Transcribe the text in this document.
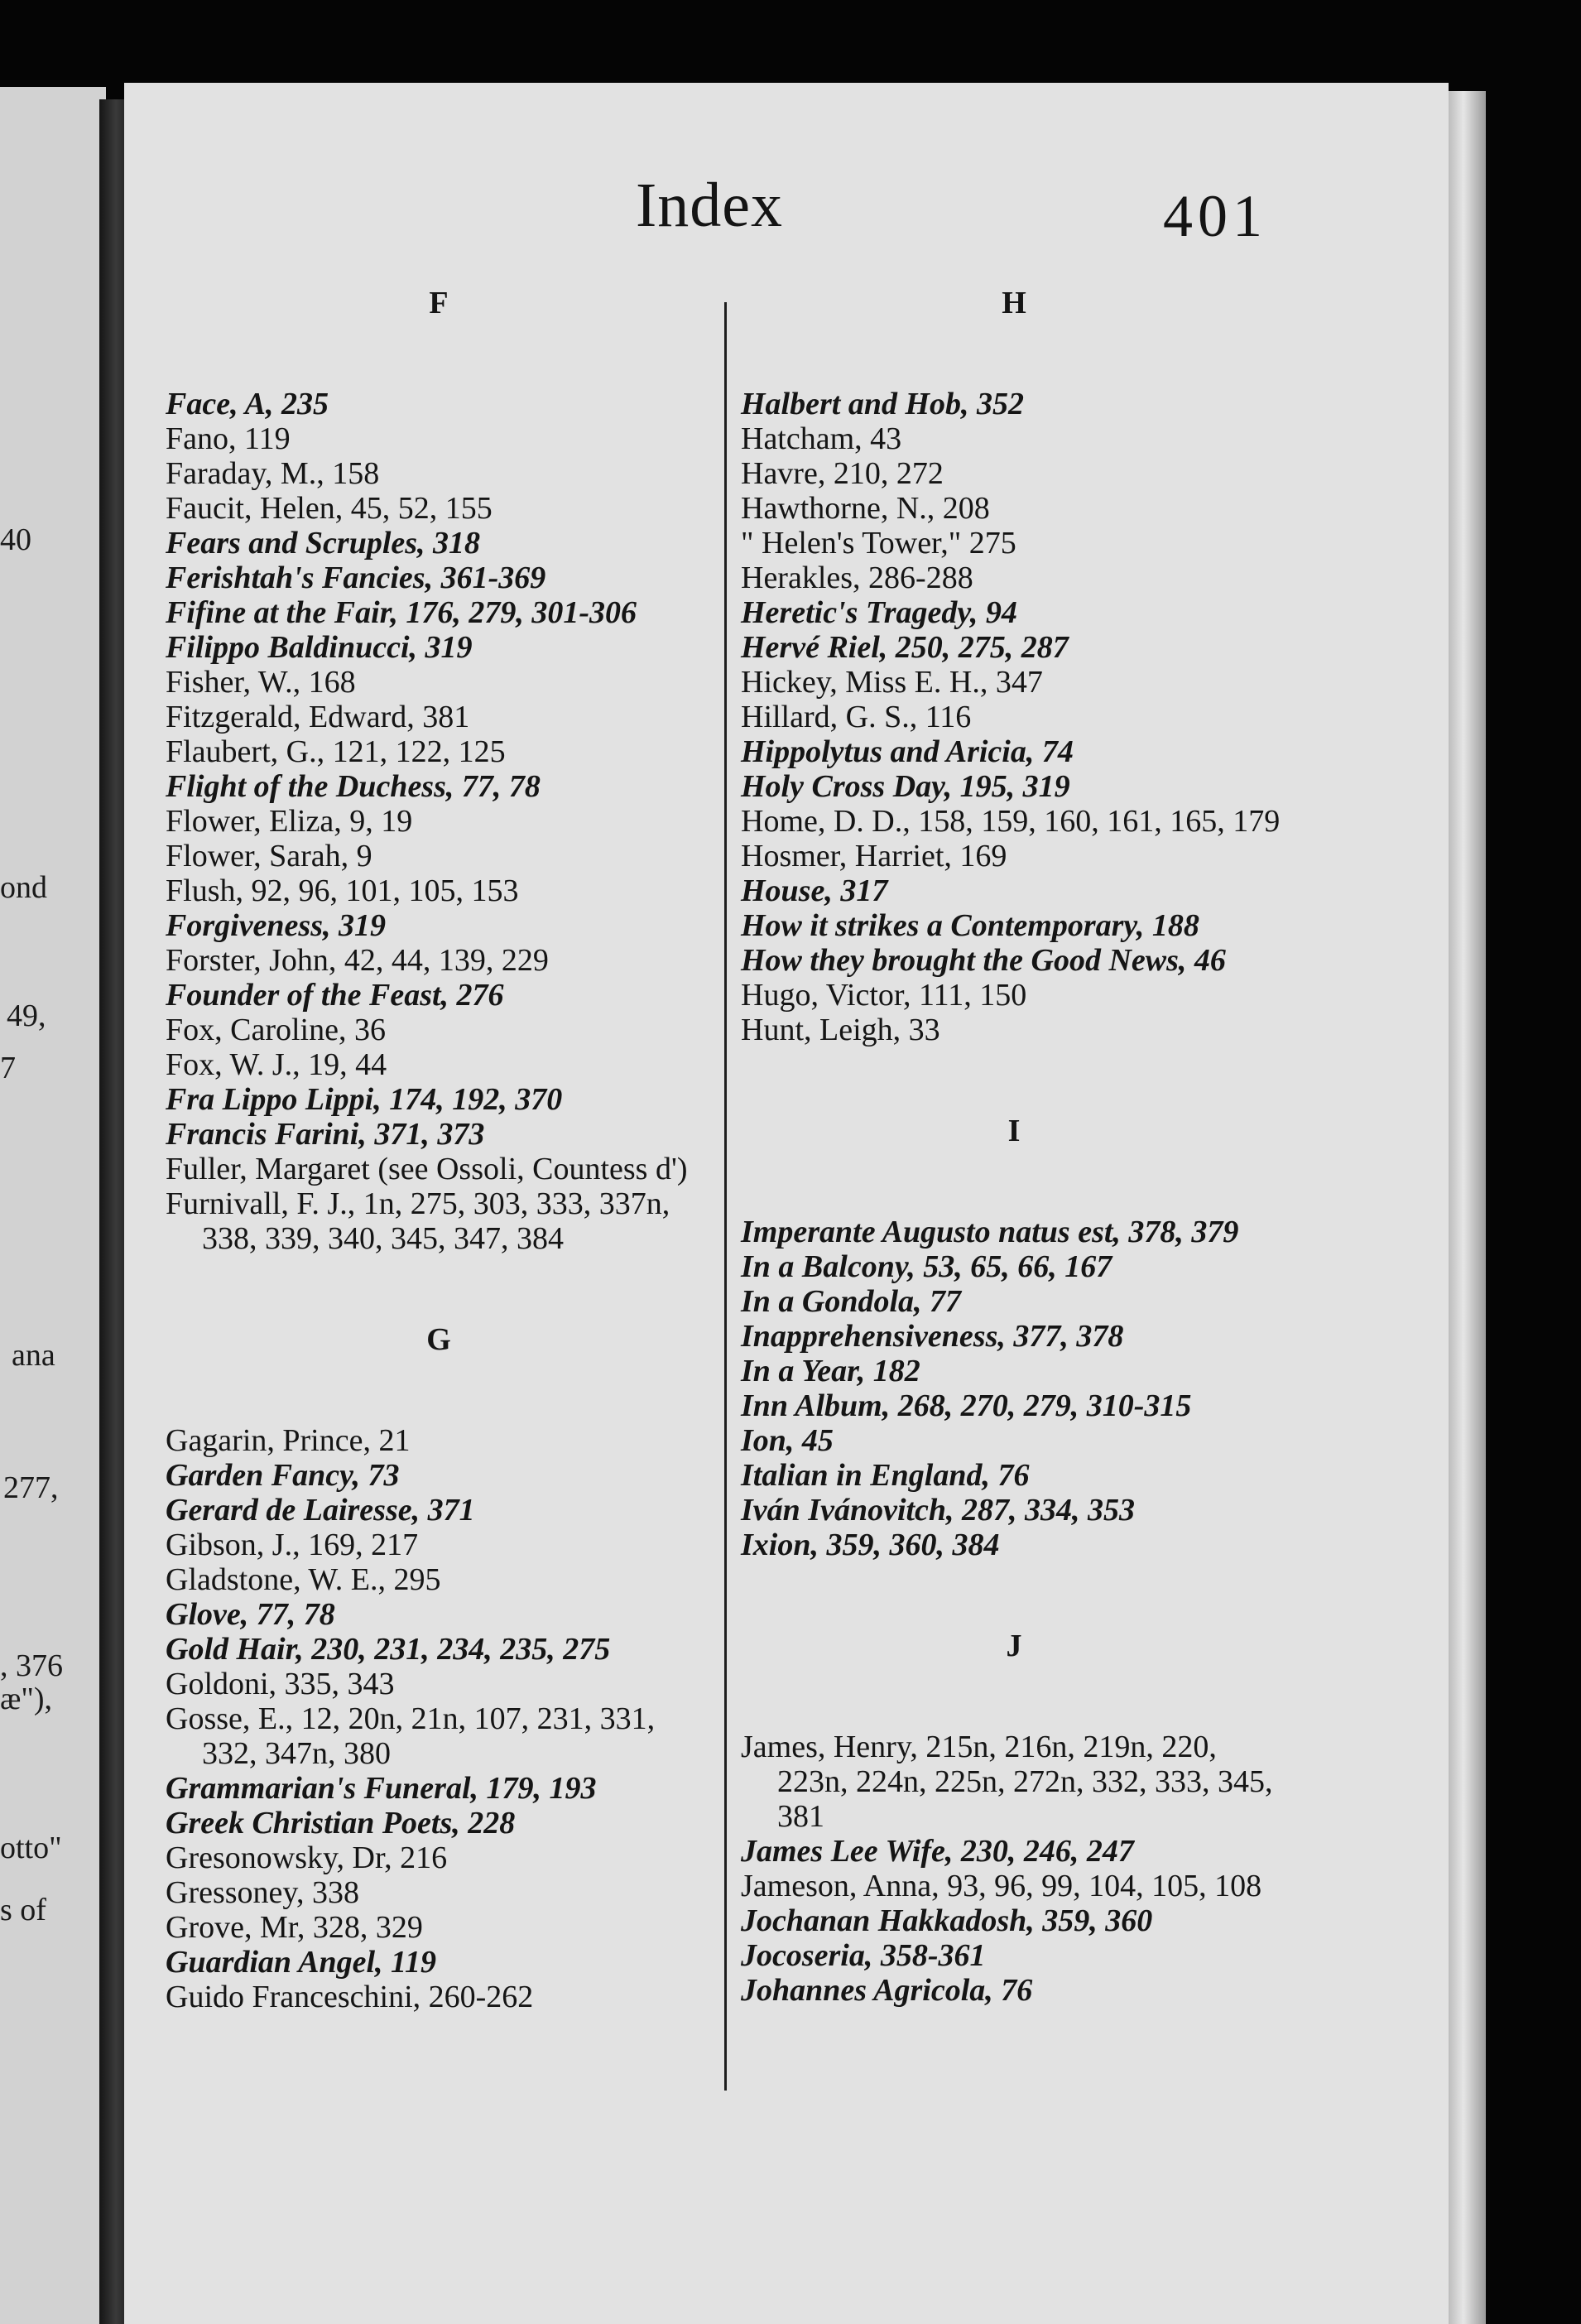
40
ond
49,
7
ana
277,
, 376
æ"),
otto"
s of
Index	401
F
Face, A, 235
Fano, 119
Faraday, M., 158
Faucit, Helen, 45, 52, 155
Fears and Scruples, 318
Ferishtah's Fancies, 361-369
Fifine at the Fair, 176, 279, 301-306
Filippo Baldinucci, 319
Fisher, W., 168
Fitzgerald, Edward, 381
Flaubert, G., 121, 122, 125
Flight of the Duchess, 77, 78
Flower, Eliza, 9, 19
Flower, Sarah, 9
Flush, 92, 96, 101, 105, 153
Forgiveness, 319
Forster, John, 42, 44, 139, 229
Founder of the Feast, 276
Fox, Caroline, 36
Fox, W. J., 19, 44
Fra Lippo Lippi, 174, 192, 370
Francis Farini, 371, 373
Fuller, Margaret (see Ossoli, Countess d')
Furnivall, F. J., 1n, 275, 303, 333, 337n, 338, 339, 340, 345, 347, 384
G
Gagarin, Prince, 21
Garden Fancy, 73
Gerard de Lairesse, 371
Gibson, J., 169, 217
Gladstone, W. E., 295
Glove, 77, 78
Gold Hair, 230, 231, 234, 235, 275
Goldoni, 335, 343
Gosse, E., 12, 20n, 21n, 107, 231, 331, 332, 347n, 380
Grammarian's Funeral, 179, 193
Greek Christian Poets, 228
Gresonowsky, Dr, 216
Gressoney, 338
Grove, Mr, 328, 329
Guardian Angel, 119
Guido Franceschini, 260-262
H
Halbert and Hob, 352
Hatcham, 43
Havre, 210, 272
Hawthorne, N., 208
" Helen's Tower," 275
Herakles, 286-288
Heretic's Tragedy, 94
Hervé Riel, 250, 275, 287
Hickey, Miss E. H., 347
Hillard, G. S., 116
Hippolytus and Aricia, 74
Holy Cross Day, 195, 319
Home, D. D., 158, 159, 160, 161, 165, 179
Hosmer, Harriet, 169
House, 317
How it strikes a Contemporary, 188
How they brought the Good News, 46
Hugo, Victor, 111, 150
Hunt, Leigh, 33
I
Imperante Augusto natus est, 378, 379
In a Balcony, 53, 65, 66, 167
In a Gondola, 77
Inapprehensiveness, 377, 378
In a Year, 182
Inn Album, 268, 270, 279, 310-315
Ion, 45
Italian in England, 76
Iván Ivánovitch, 287, 334, 353
Ixion, 359, 360, 384
J
James, Henry, 215n, 216n, 219n, 220, 223n, 224n, 225n, 272n, 332, 333, 345, 381
James Lee Wife, 230, 246, 247
Jameson, Anna, 93, 96, 99, 104, 105, 108
Jochanan Hakkadosh, 359, 360
Jocoseria, 358-361
Johannes Agricola, 76
